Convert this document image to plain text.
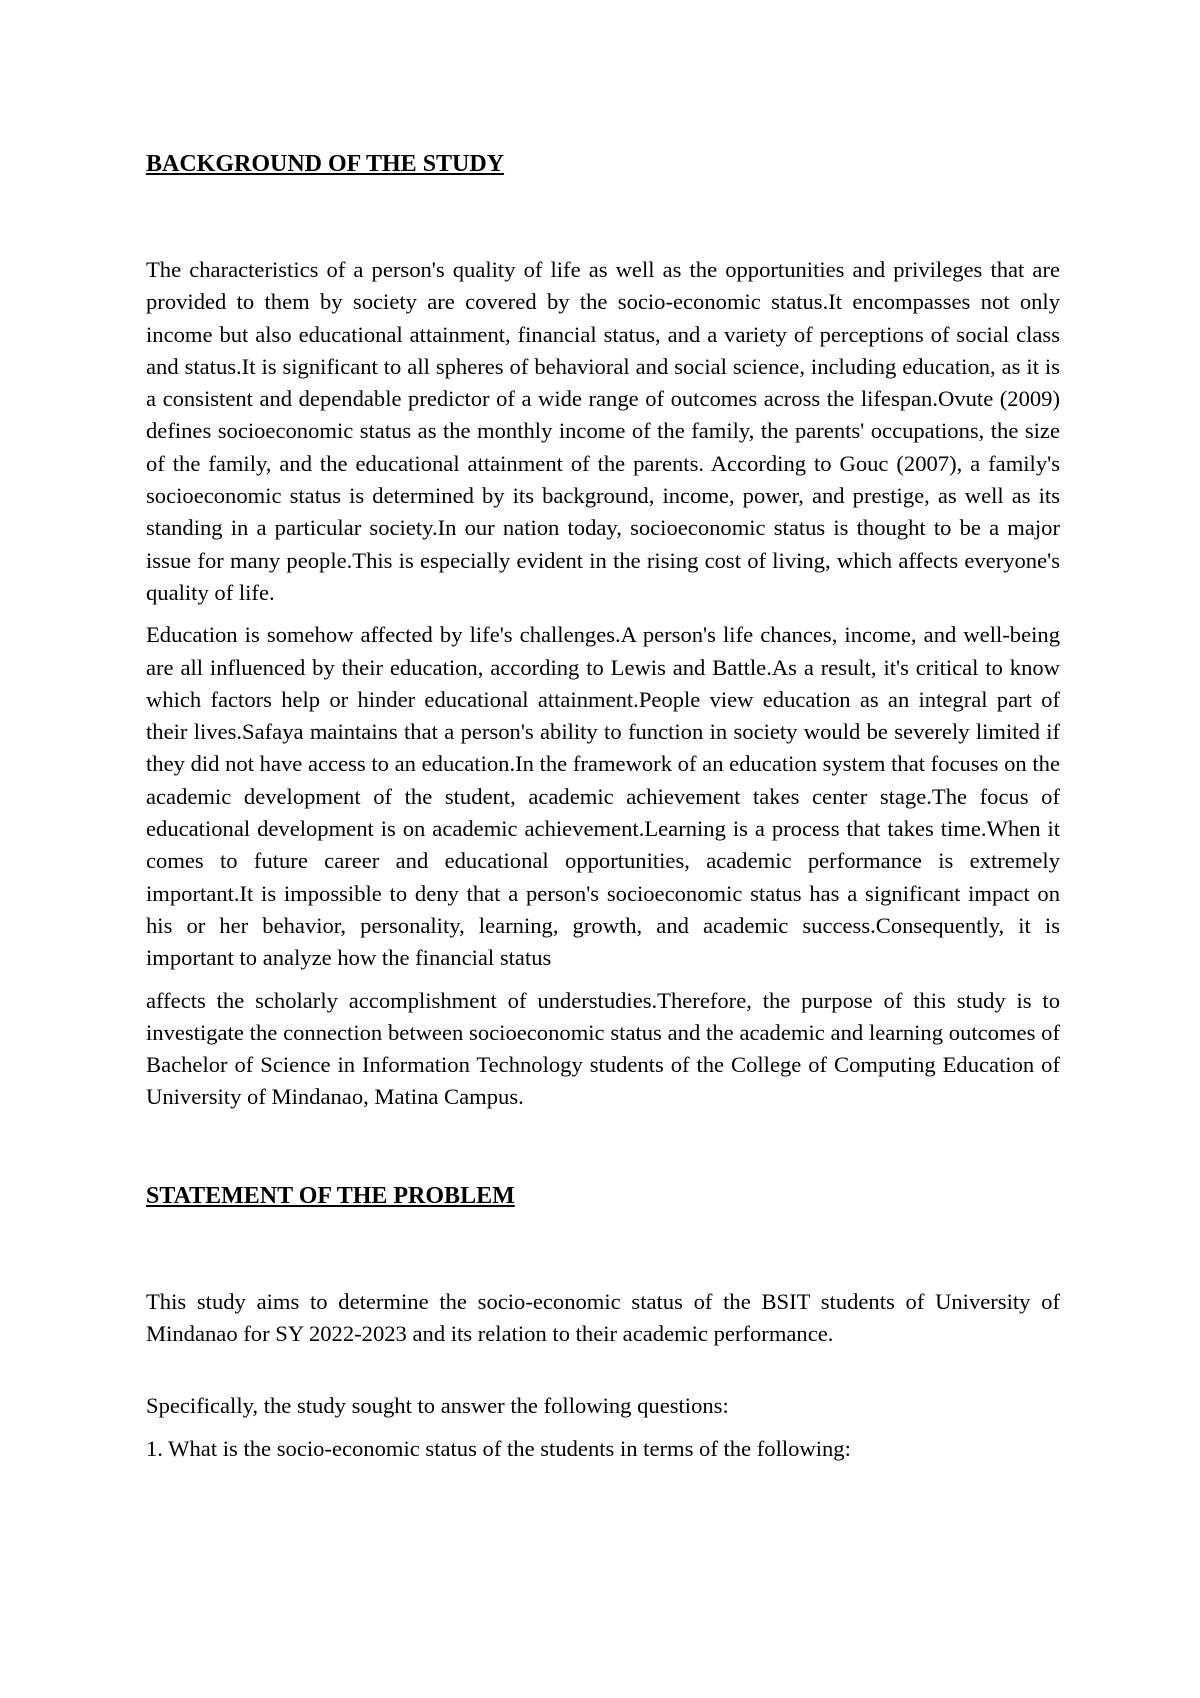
BACKGROUND OF THE STUDY

The characteristics of a person's quality of life as well as the opportunities and privileges that are provided to them by society are covered by the socio-economic status.It encompasses not only income but also educational attainment, financial status, and a variety of perceptions of social class and status.It is significant to all spheres of behavioral and social science, including education, as it is a consistent and dependable predictor of a wide range of outcomes across the lifespan.Ovute (2009) defines socioeconomic status as the monthly income of the family, the parents' occupations, the size of the family, and the educational attainment of the parents. According to Gouc (2007), a family's socioeconomic status is determined by its background, income, power, and prestige, as well as its standing in a particular society.In our nation today, socioeconomic status is thought to be a major issue for many people.This is especially evident in the rising cost of living, which affects everyone's quality of life.

Education is somehow affected by life's challenges.A person's life chances, income, and well-being are all influenced by their education, according to Lewis and Battle.As a result, it's critical to know which factors help or hinder educational attainment.People view education as an integral part of their lives.Safaya maintains that a person's ability to function in society would be severely limited if they did not have access to an education.In the framework of an education system that focuses on the academic development of the student, academic achievement takes center stage.The focus of educational development is on academic achievement.Learning is a process that takes time.When it comes to future career and educational opportunities, academic performance is extremely important.It is impossible to deny that a person's socioeconomic status has a significant impact on his or her behavior, personality, learning, growth, and academic success.Consequently, it is important to analyze how the financial status

affects the scholarly accomplishment of understudies.Therefore, the purpose of this study is to investigate the connection between socioeconomic status and the academic and learning outcomes of Bachelor of Science in Information Technology students of the College of Computing Education of University of Mindanao, Matina Campus.

STATEMENT OF THE PROBLEM

This study aims to determine the socio-economic status of the BSIT students of University of Mindanao for SY 2022-2023 and its relation to their academic performance.

Specifically, the study sought to answer the following questions:

1. What is the socio-economic status of the students in terms of the following:
